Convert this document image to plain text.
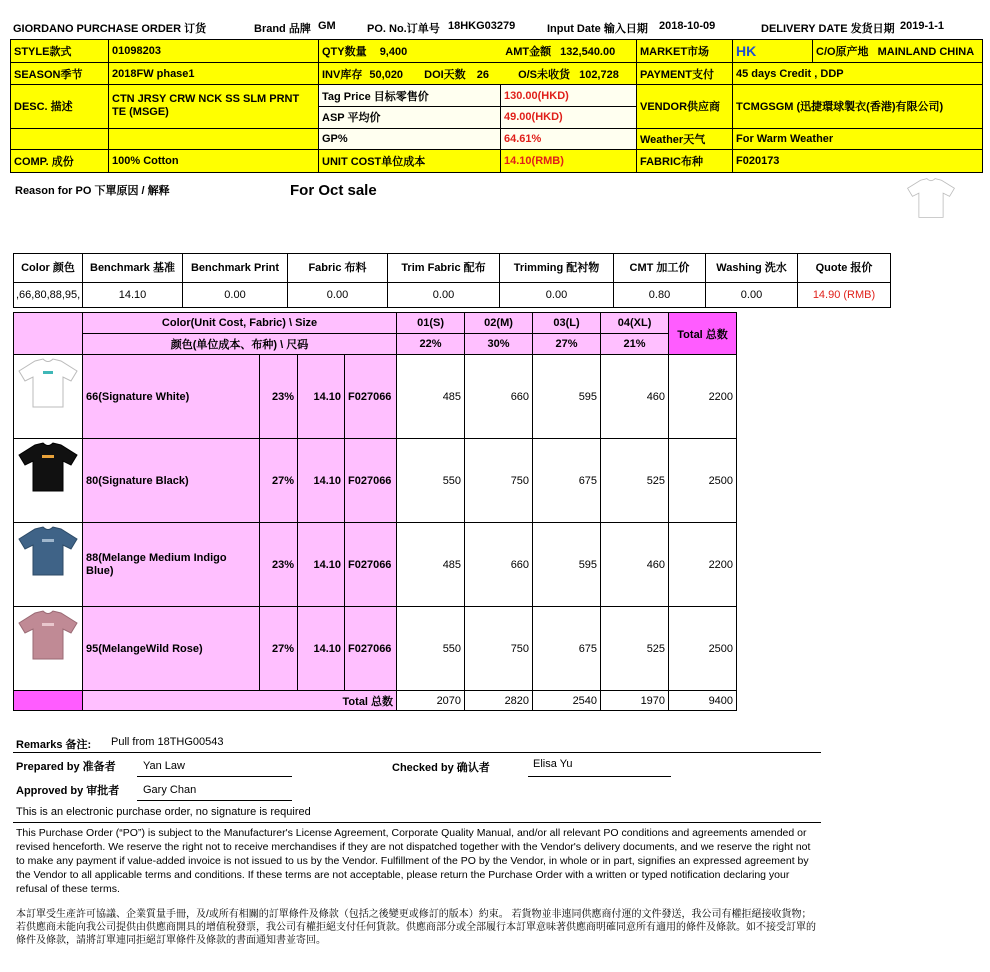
GIORDANO PURCHASE ORDER 订货	Brand 品牌 GM	PO. No.订单号 18HKG03279	Input Date 输入日期 2018-10-09	DELIVERY DATE 发货日期 2019-1-1
STYLE款式	01098203	QTY数量 9,400 AMT金额 132,540.00		MARKET市场	HK	C/O原产地 MAINLAND CHINA
SEASON季节	2018FW phase1	INV库存 50,020 DOI天数 26 O/S未收货 102,728		PAYMENT支付	45 days Credit , DDP	
DESC. 描述	CTN JRSY CRW NCK SS SLM PRNT TE (MSGE)	Tag Price 目标零售价	130.00(HKD)	VENDOR供应商	TCMGSGM (迅捷環球製衣(香港)有限公司)	
		ASP 平均价	49.00(HKD)			
		GP%	64.61%	Weather天气	For Warm Weather	
COMP. 成份	100% Cotton	UNIT COST单位成本	14.10(RMB)	FABRIC布种	F020173	
Reason for PO 下單原因 / 解释	For Oct sale
Color 颜色	Benchmark 基准	Benchmark Print	Fabric 布料	Trim Fabric 配布	Trimming 配衬物	CMT 加工价	Washing 洗水	Quote 报价
,66,80,88,95,	14.10	0.00	0.00	0.00	0.00	0.80	0.00	14.90 (RMB)
	Color(Unit Cost, Fabric) \ Size				01(S)	02(M)	03(L)	04(XL)	Total 总数
	颜色(单位成本、布种) \ 尺码				22%	30%	27%	21%	

	66(Signature White)	23%	14.10	F027066	485	660	595	460	2200

	80(Signature Black)	27%	14.10	F027066	550	750	675	525	2500

	88(Melange Medium Indigo Blue)	23%	14.10	F027066	485	660	595	460	2200

	95(MelangeWild Rose)	27%	14.10	F027066	550	750	675	525	2500
	Total 总数				2070	2820	2540	1970	9400
Remarks 备注: Pull from 18THG00543
Prepared by 准备者 Yan Law	Checked by 确认者	Elisa Yu
Approved by 审批者 Gary Chan
This is an electronic purchase order, no signature is required
This Purchase Order (“PO”) is subject to the Manufacturer's License Agreement, Corporate Quality Manual, and/or all relevant PO conditions and agreements amended or revised henceforth. We reserve the right not to receive merchandises if they are not dispatched together with the Vendor's delivery documents, and we reserve the right not to make any payment if value-added invoice is not issued to us by the Vendor. Fulfillment of the PO by the Vendor, in whole or in part, signifies an expressed agreement by the Vendor to all applicable terms and conditions. If these terms are not acceptable, please return the Purchase Order with a written or typed notification declaring your refusal of these terms.
本訂單受生產許可協議、企業質量手冊，及/或所有相關的訂單條件及條款（包括之後變更或修訂的版本）約束。 若貨物並非連同供應商付運的文件發送，我公司有權拒絕接收貨物；若供應商未能向我公司提供由供應商開具的增值稅發票，我公司有權拒絕支付任何貨款。供應商部分或全部履行本訂單意味著供應商明確同意所有適用的條件及條款。如不接受訂單的條件及條款，請將訂單連同拒絕訂單條件及條款的書面通知書並寄回。
